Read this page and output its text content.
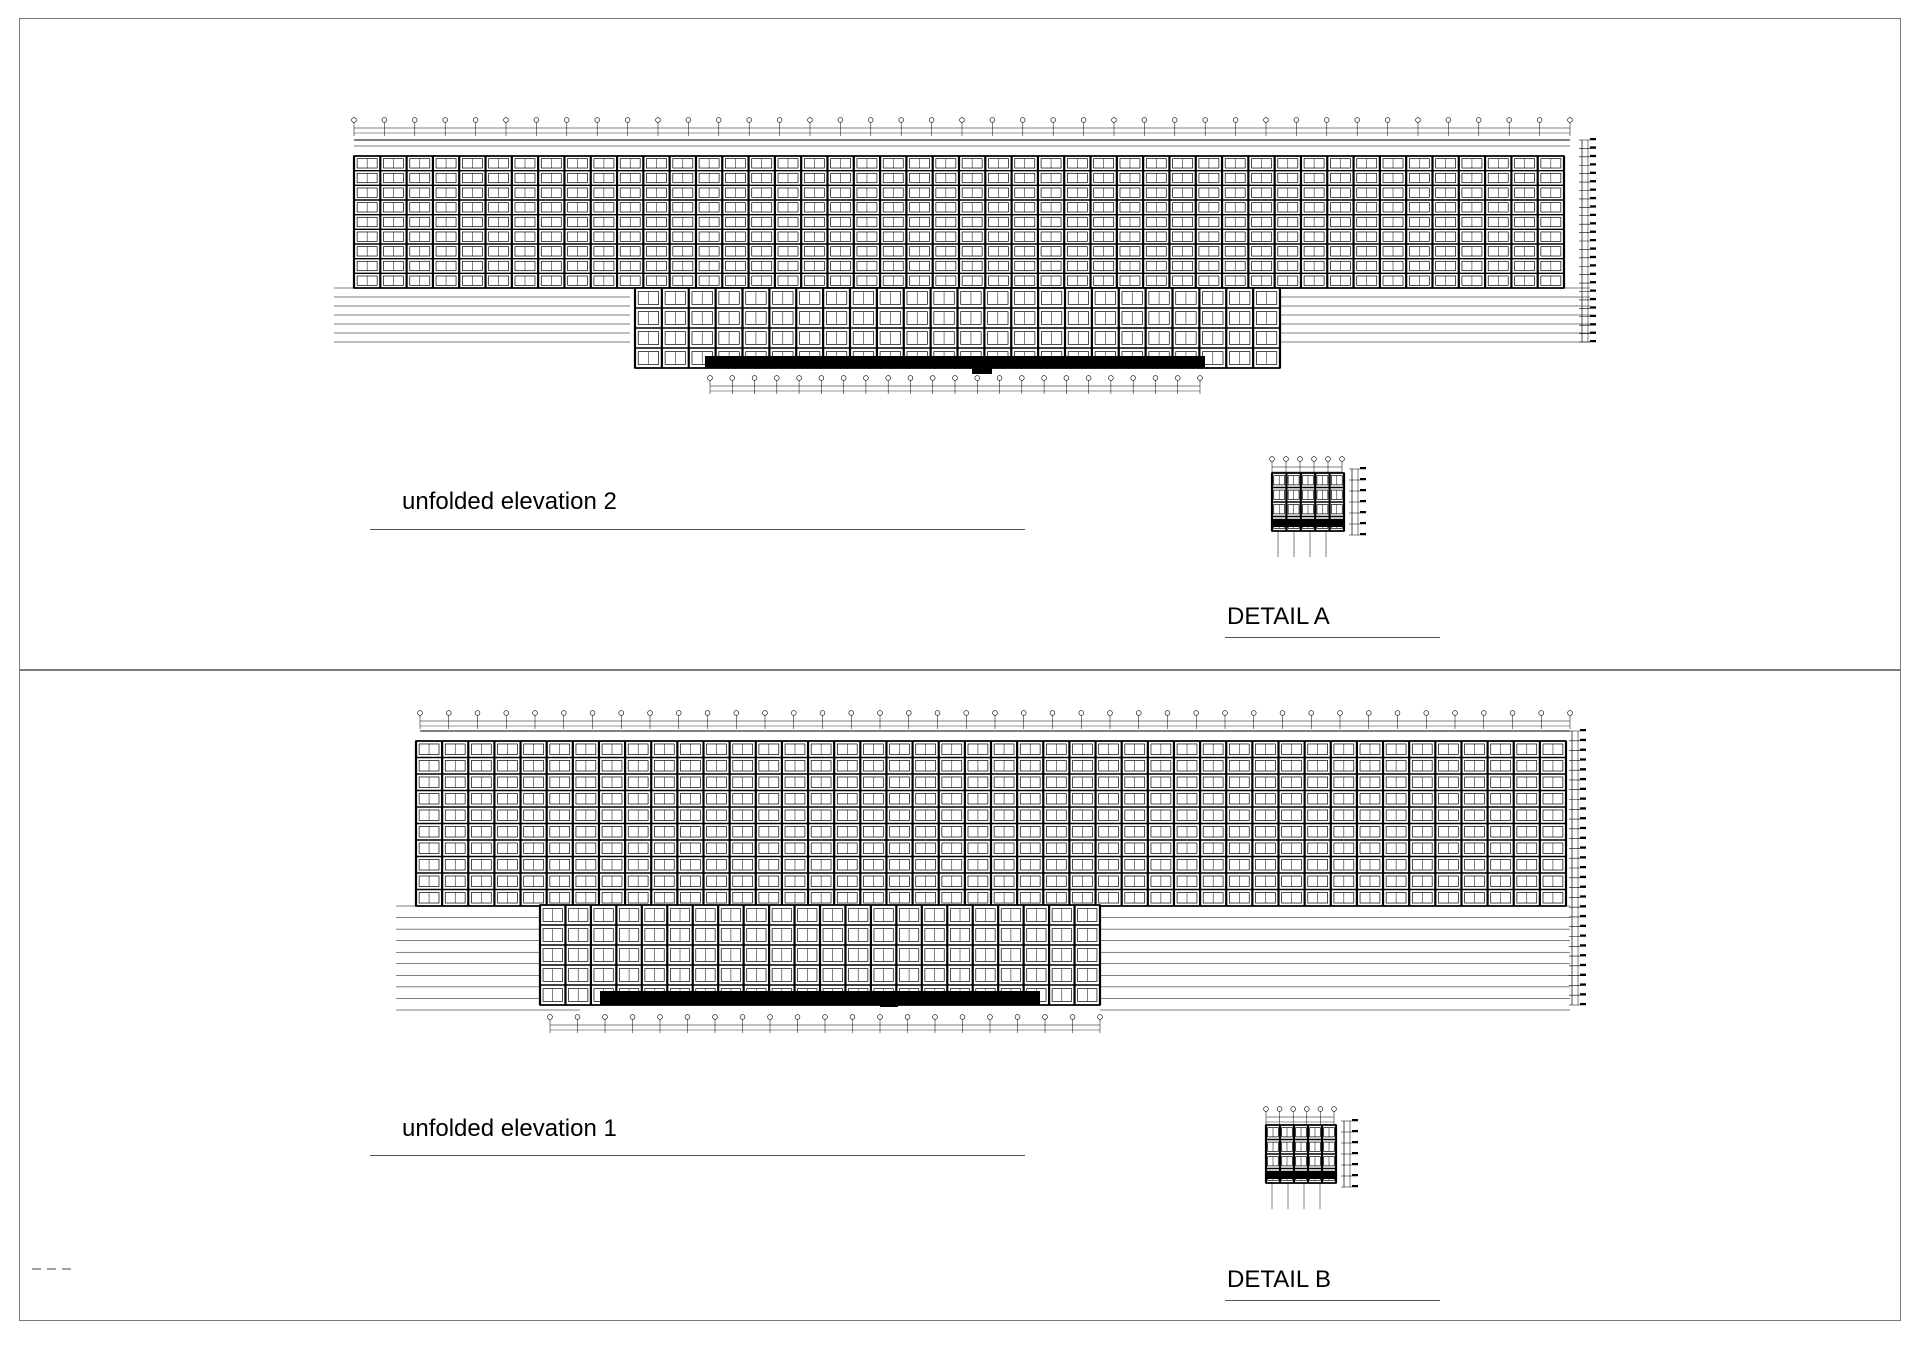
unfolded elevation 2
DETAIL A
unfolded elevation 1
DETAIL B
